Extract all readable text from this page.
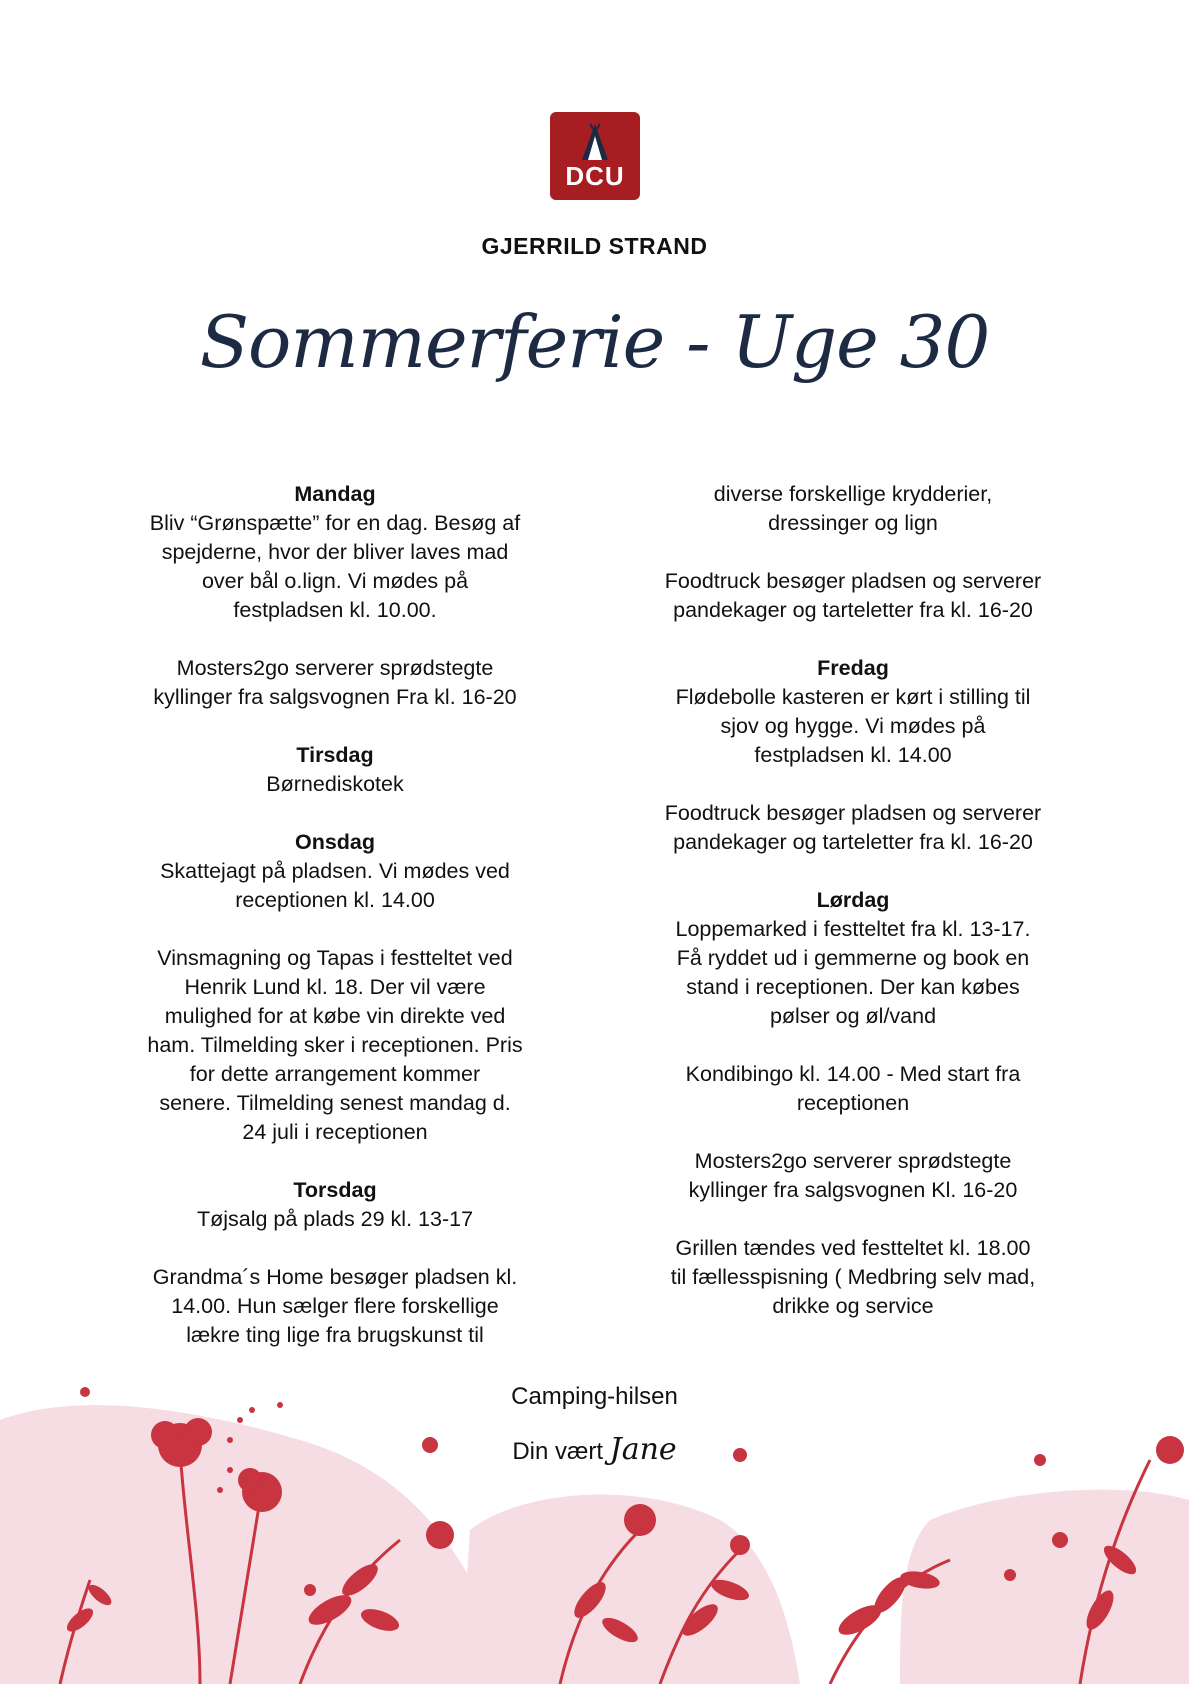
DCU
GJERRILD STRAND
Sommerferie - Uge 30
Mandag
Bliv “Grønspætte” for en dag. Besøg af
spejderne, hvor der bliver laves mad
over bål o.lign. Vi mødes på
festpladsen kl. 10.00.
Mosters2go serverer sprødstegte
kyllinger fra salgsvognen Fra kl. 16-20
Tirsdag
Børnediskotek
Onsdag
Skattejagt på pladsen. Vi mødes ved
receptionen kl. 14.00
Vinsmagning og Tapas i festteltet ved
Henrik Lund kl. 18. Der vil være
mulighed for at købe vin direkte ved
ham. Tilmelding sker i receptionen. Pris
for dette arrangement kommer
senere. Tilmelding senest mandag d.
24 juli i receptionen
Torsdag
Tøjsalg på plads 29 kl. 13-17
Grandma´s Home besøger pladsen kl.
14.00. Hun sælger flere forskellige
lækre ting lige fra brugskunst til
diverse forskellige krydderier,
dressinger og lign
Foodtruck besøger pladsen og serverer
pandekager og tarteletter fra kl. 16-20
Fredag
Flødebolle kasteren er kørt i stilling til
sjov og hygge. Vi mødes på
festpladsen kl. 14.00
Foodtruck besøger pladsen og serverer
pandekager og tarteletter fra kl. 16-20
Lørdag
Loppemarked i festteltet fra kl. 13-17.
Få ryddet ud i gemmerne og book en
stand i receptionen. Der kan købes
pølser og øl/vand
Kondibingo kl. 14.00 - Med start fra
receptionen
Mosters2go serverer sprødstegte
kyllinger fra salgsvognen Kl. 16-20
Grillen tændes ved festteltet kl. 18.00
til fællesspisning ( Medbring selv mad,
drikke og service
Camping-hilsen
Din vært Jane
